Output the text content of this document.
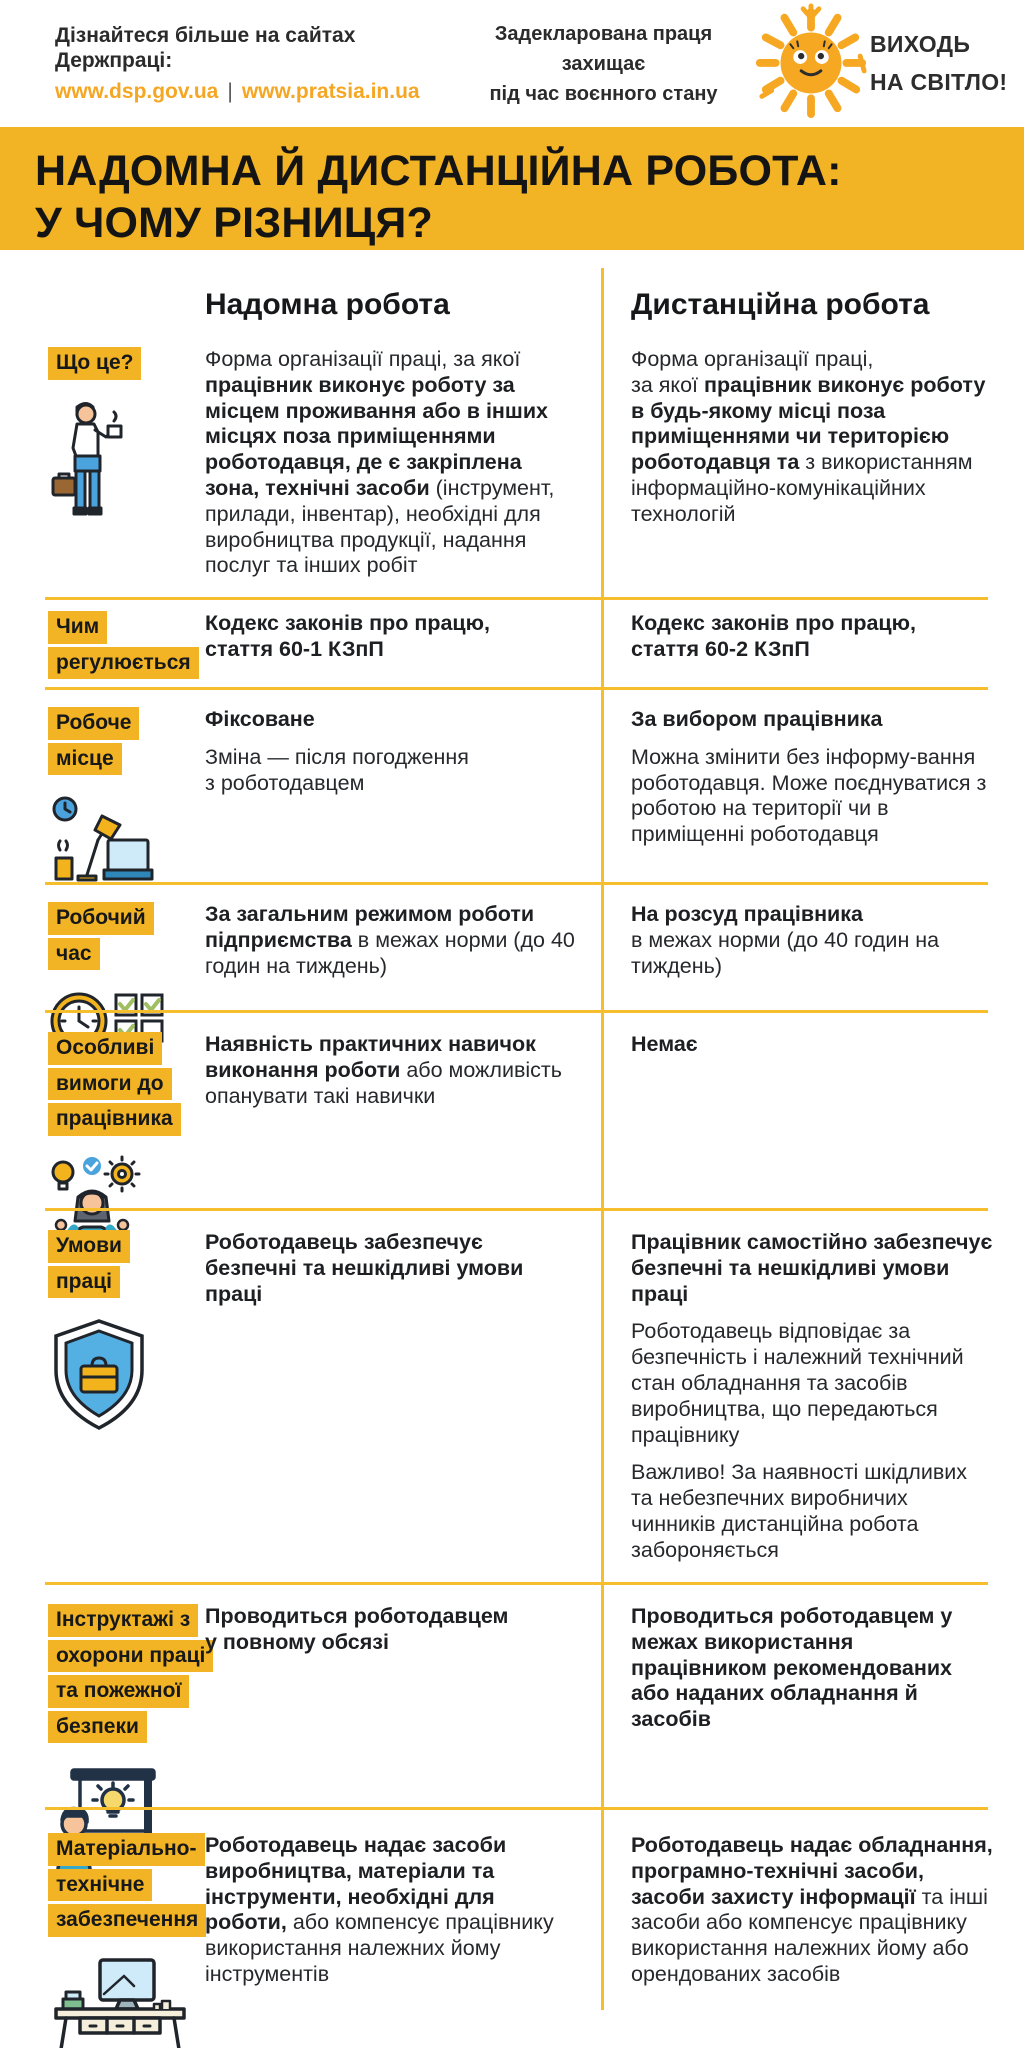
Дізнайтеся більше на сайтах Держпраці:
www.dsp.gov.ua | www.pratsia.in.ua
Задекларована праця захищає
під час воєнного стану
ВИХОДЬ
НА СВІТЛО!
НАДОМНА Й ДИСТАНЦІЙНА РОБОТА:
У ЧОМУ РІЗНИЦЯ?
Надомна робота	Дистанційна робота
Що це?	Форма організації праці, за якої працівник виконує роботу за місцем проживання або в інших місцях поза приміщеннями роботодавця, де є закріплена зона, технічні засоби (інструмент, прилади, інвентар), необхідні для виробництва продукції, надання послуг та інших робіт

Форма організації праці,
за якої працівник виконує роботу в будь-якому місці поза приміщеннями чи територією роботодавця та з використанням інформаційно-комунікаційних технологій

Чим
регулюється

Кодекс законів про працю,
стаття 60-1 КЗпП

Кодекс законів про працю,
стаття 60-2 КЗпП

Робоче
місце

Фіксоване

Зміна — після погодження
з роботодавцем

За вибором працівника

Можна змінити без інформу-вання роботодавця. Може поєднуватися з роботою на території чи в приміщенні роботодавця

Робочий
час

За загальним режимом роботи підприємства в межах норми (до 40 годин на тиждень)

На розсуд працівника
в межах норми (до 40 годин на тиждень)

Особливі
вимоги до
працівника

Наявність практичних навичок виконання роботи або можливість опанувати такі навички

Немає

Умови
праці

Роботодавець забезпечує безпечні та нешкідливі умови праці

Працівник самостійно забезпечує безпечні та нешкідливі умови праці

Роботодавець відповідає за безпечність і належний технічний стан обладнання та засобів виробництва, що передаються працівнику

Важливо! За наявності шкідливих та небезпечних виробничих чинників дистанційна робота забороняється

Інструктажі з
охорони праці
та пожежної
безпеки

Проводиться роботодавцем
у повному обсязі

Проводиться роботодавцем у межах використання працівником рекомендованих або наданих обладнання й засобів

Матеріально-
технічне
забезпечення

Роботодавець надає засоби виробництва, матеріали та інструменти, необхідні для роботи, або компенсує працівнику використання належних йому інструментів

Роботодавець надає обладнання, програмно-технічні засоби, засоби захисту інформації та інші засоби або компенсує працівнику використання належних йому або орендованих засобів
